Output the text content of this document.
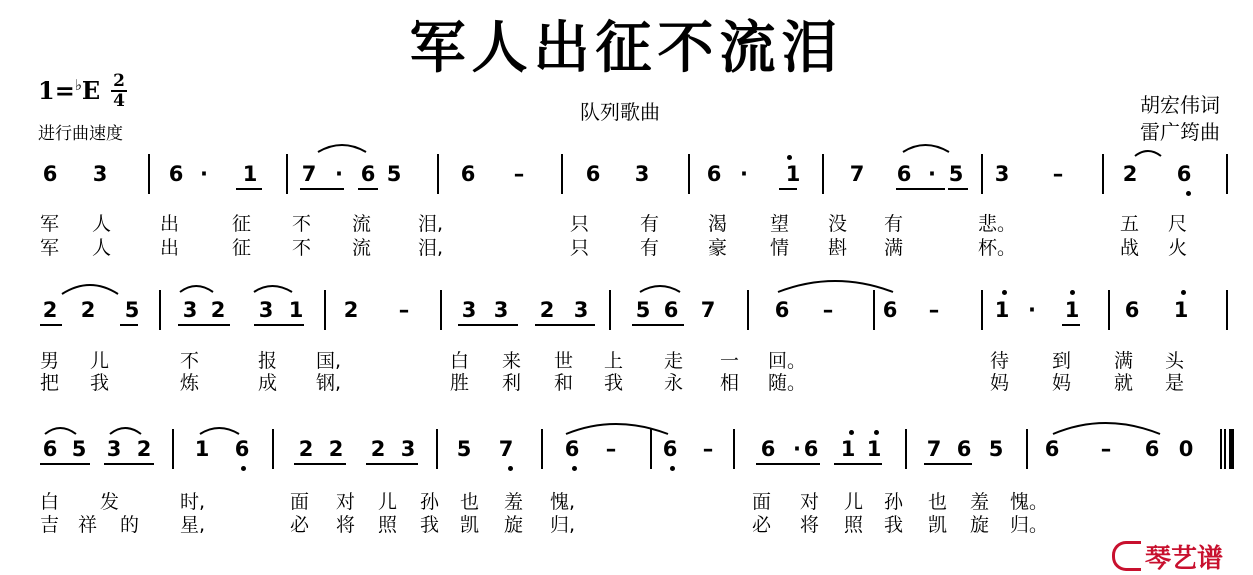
军人出征不流泪
1=♭E 2
4
进行曲速度
队列歌曲	胡宏伟词
雷广筠曲
6 3	6 · 1 7 · 6 5	6 –	6 3	6 · 1 7 6 · 5 3 –	2 6
军 人	出	征 不 流 泪,	只	有	渴 望 没 有	悲。	五 尺
军 人	出	征 不 流 泪,	只	有	豪 情 斟 满	杯。	战 火
2 2 5 3 2 3 1 2 – 3 3 2 3 5 6 7	6 – 6 –	1 · 1 6 1
男 儿	不	报 国,	白 来 世 上 走 一 回。	待 到 满 头
把 我	炼	成 钢,	胜 利 和 我 永 相 随。	妈 妈 就 是
6 5 3 2 1 6 2 2 2 3 5 7 6 – 6 – 6 · 6 1 1 7 6 5 6 – 6 0
白 发	时,	面 对 儿 孙 也 羞 愧,	面 对 儿 孙 也 羞 愧。
吉 祥 的 星,	必 将 照 我 凯 旋 归,	必 将 照 我 凯 旋 归。
琴艺谱
